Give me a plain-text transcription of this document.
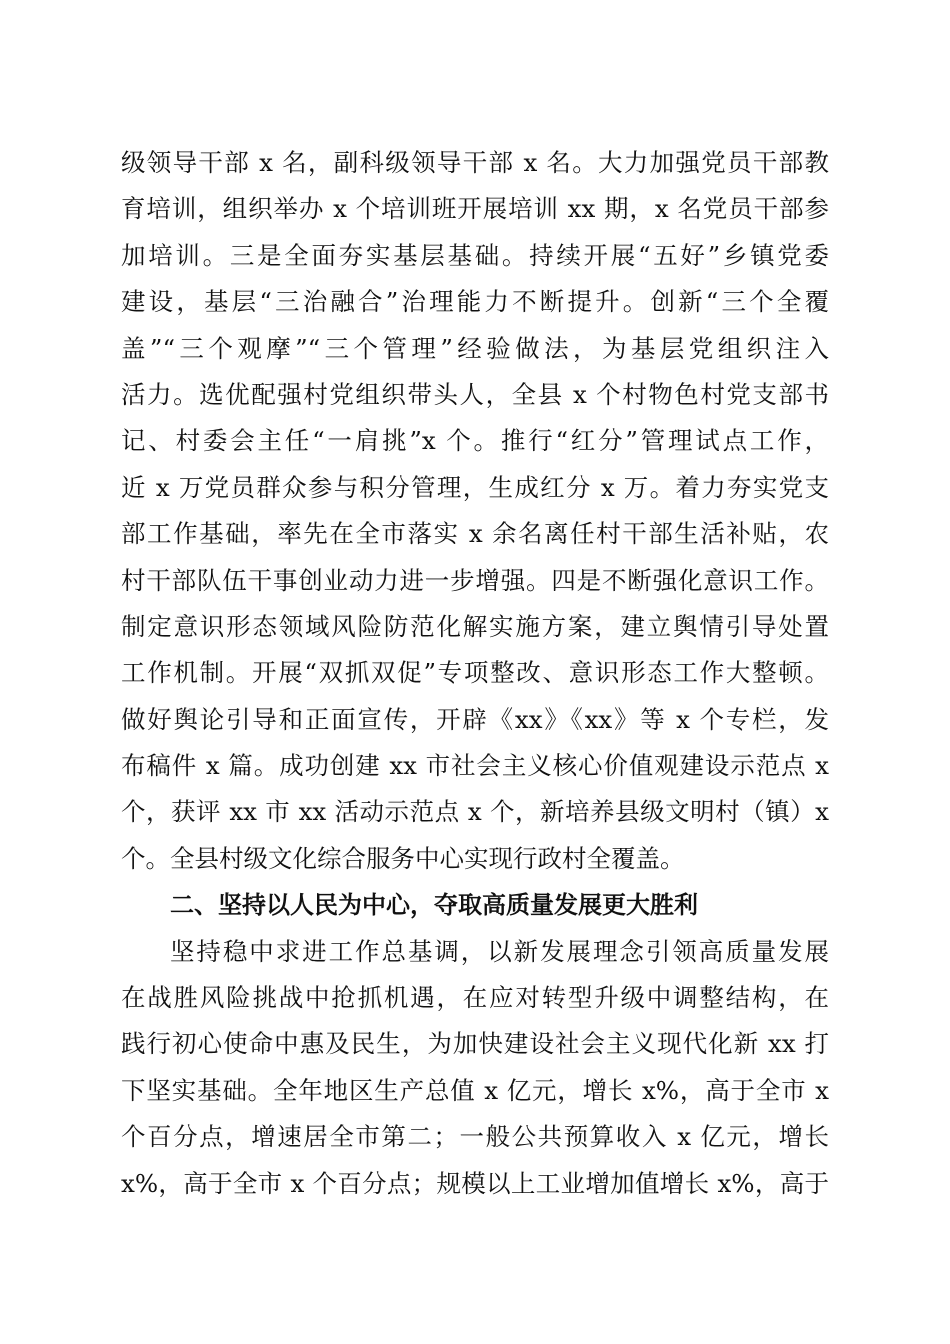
级领导干部 x 名，副科级领导干部 x 名。大力加强党员干部教
育培训，组织举办 x 个培训班开展培训 xx 期，x 名党员干部参
加培训。三是全面夯实基层基础。持续开展“五好”乡镇党委
建设，基层“三治融合”治理能力不断提升。创新“三个全覆
盖”“三个观摩”“三个管理”经验做法，为基层党组织注入
活力。选优配强村党组织带头人，全县 x 个村物色村党支部书
记、村委会主任“一肩挑”x 个。推行“红分”管理试点工作，
近 x 万党员群众参与积分管理，生成红分 x 万。着力夯实党支
部工作基础，率先在全市落实 x 余名离任村干部生活补贴，农
村干部队伍干事创业动力进一步增强。四是不断强化意识工作。
制定意识形态领域风险防范化解实施方案，建立舆情引导处置
工作机制。开展“双抓双促”专项整改、意识形态工作大整顿。
做好舆论引导和正面宣传，开辟《xx》《xx》等 x 个专栏，发
布稿件 x 篇。成功创建 xx 市社会主义核心价值观建设示范点 x
个，获评 xx 市 xx 活动示范点 x 个，新培养县级文明村（镇）x
个。全县村级文化综合服务中心实现行政村全覆盖。
二、坚持以人民为中心，夺取高质量发展更大胜利
坚持稳中求进工作总基调，以新发展理念引领高质量发展
在战胜风险挑战中抢抓机遇，在应对转型升级中调整结构，在
践行初心使命中惠及民生，为加快建设社会主义现代化新 xx 打
下坚实基础。全年地区生产总值 x 亿元，增长 x%，高于全市 x
个百分点，增速居全市第二；一般公共预算收入 x 亿元，增长
x%，高于全市 x 个百分点；规模以上工业增加值增长 x%，高于
